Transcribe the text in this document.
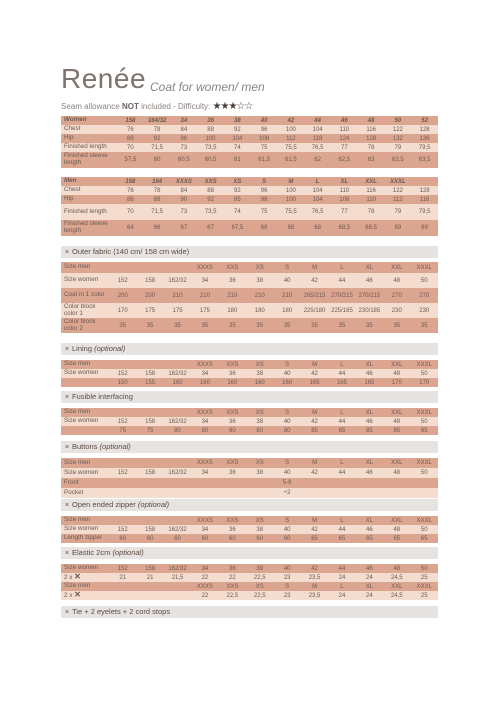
Renée Coat for women/ men
Seam allowance NOT included - Difficulty: ★★★☆☆
Women	158	164/32	34	36	38	40	42	44	46	48	50	52
Chest	76	78	84	88	92	96	100	104	110	116	122	128
Hip	88	92	96	100	104	108	112	118	124	128	132	136
Finished length	70	71,5	73	73,5	74	75	75,5	76,5	77	78	79	79,5
Finished sleeve length	57,5	60	60,5	60,5	61	61,5	61,5	62	62,5	63	63,5	63,5
Men	158	164	XXXS	XXS	XS	S	M	L	XL	XXL	XXXL	
Chest	76	78	84	88	92	96	100	104	110	116	122	128
Hip	86	88	90	92	95	98	100	104	108	110	112	116
Finished length	70	71,5	73	73,5	74	75	75,5	76,5	77	78	79	79,5
Finished sleeve length	64	66	67	67	67,5	68	68	68	68,5	68,5	69	69
× Outer fabric (140 cm/ 158 cm wide)
Size men				XXXS	XXS	XS	S	M	L	XL	XXL	XXXL
Size women	152	158	162/32	34	36	38	40	42	44	46	48	50
Coat in 1 color	200	200	210	210	210	210	210	265/215	270/215	270/215	270	270
Color block color 1	170	175	175	175	180	180	180	225/180	225/185	230/185	230	230
Color block color 2	35	35	35	35	35	35	35	35	35	35	35	35
× Lining (optional)
Size men				XXXS	XXS	XS	S	M	L	XL	XXL	XXXL
Size women	152	158	162/32	34	36	38	40	42	44	46	48	50
	150	155	160	160	160	160	160	165	165	165	170	170
× Fusible interfacing
Size men				XXXS	XXS	XS	S	M	L	XL	XXL	XXXL
Size women	152	158	162/32	34	36	38	40	42	44	46	48	50
	75	75	80	80	80	80	80	85	85	85	85	85
× Buttons (optional)
Size men				XXXS	XXS	XS	S	M	L	XL	XXL	XXXL
Size women	152	158	162/32	34	36	38	40	42	44	46	48	50
Front							5-8					
Pocket							÷2					
× Open ended zipper (optional)
Size men				XXXS	XXS	XS	S	M	L	XL	XXL	XXXL
Size women	152	158	162/32	34	36	38	40	42	44	46	48	50
Length zipper	60	60	60	60	60	60	60	65	65	65	65	65
× Elastic 2cm (optional)
Size women	152	158	162/32	34	36	38	40	42	44	46	48	50
2 x ✕	21	21	21,5	22	22	22,5	23	23,5	24	24	24,5	25
Size men				XXXS	XXS	XS	S	M	L	XL	XXL	XXXL
2 x ✕				22	22,5	22,5	23	23,5	24	24	24,5	25
× Tie + 2 eyelets + 2 cord stops
